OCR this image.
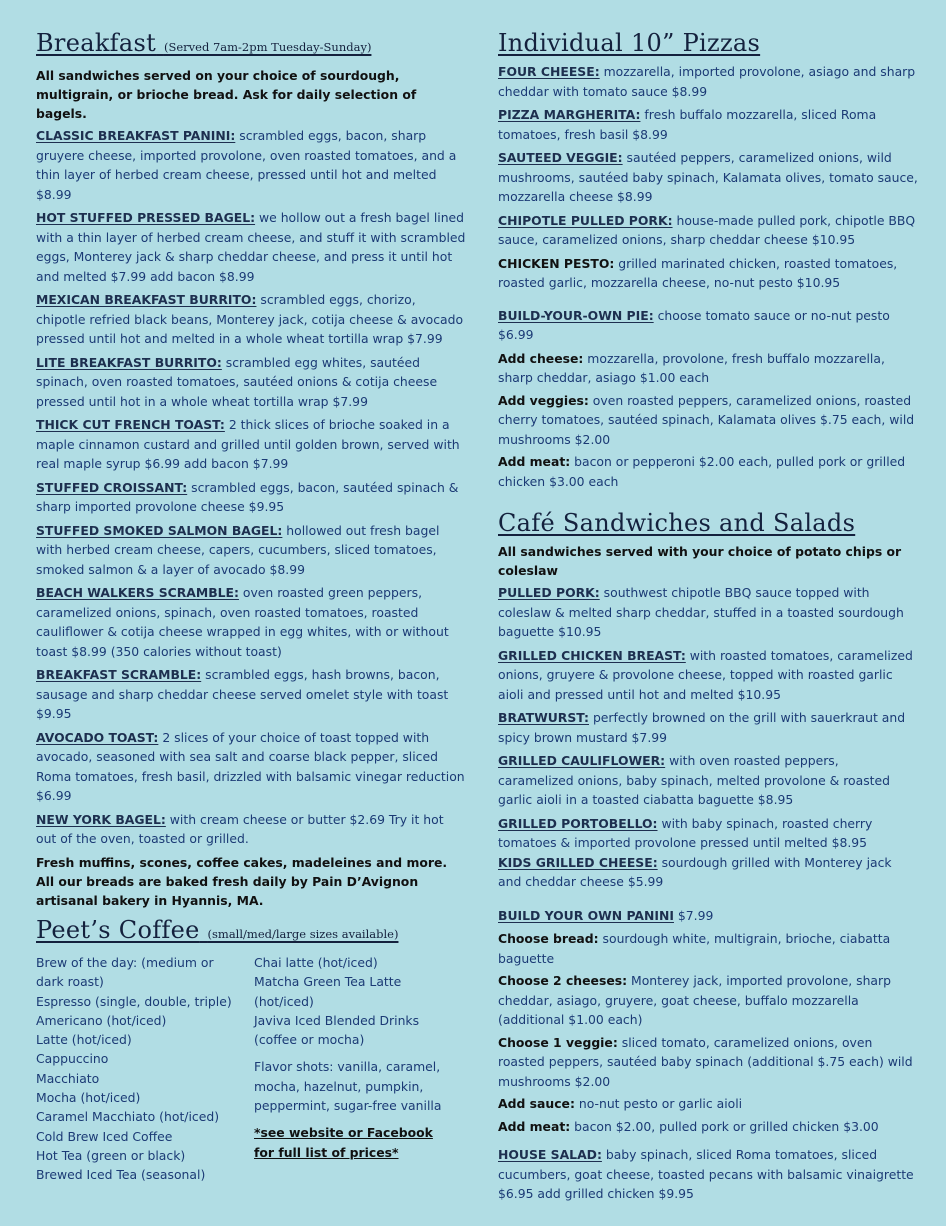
Breakfast (Served 7am-2pm Tuesday-Sunday)
All sandwiches served on your choice of sourdough, multigrain, or brioche bread. Ask for daily selection of bagels.
CLASSIC BREAKFAST PANINI: scrambled eggs, bacon, sharp gruyere cheese, imported provolone, oven roasted tomatoes, and a thin layer of herbed cream cheese, pressed until hot and melted $8.99
HOT STUFFED PRESSED BAGEL: we hollow out a fresh bagel lined with a thin layer of herbed cream cheese, and stuff it with scrambled eggs, Monterey jack & sharp cheddar cheese, and press it until hot and melted $7.99 add bacon $8.99
MEXICAN BREAKFAST BURRITO: scrambled eggs, chorizo, chipotle refried black beans, Monterey jack, cotija cheese & avocado pressed until hot and melted in a whole wheat tortilla wrap $7.99
LITE BREAKFAST BURRITO: scrambled egg whites, sautéed spinach, oven roasted tomatoes, sautéed onions & cotija cheese pressed until hot in a whole wheat tortilla wrap $7.99
THICK CUT FRENCH TOAST: 2 thick slices of brioche soaked in a maple cinnamon custard and grilled until golden brown, served with real maple syrup $6.99 add bacon $7.99
STUFFED CROISSANT: scrambled eggs, bacon, sautéed spinach & sharp imported provolone cheese $9.95
STUFFED SMOKED SALMON BAGEL: hollowed out fresh bagel with herbed cream cheese, capers, cucumbers, sliced tomatoes, smoked salmon & a layer of avocado $8.99
BEACH WALKERS SCRAMBLE: oven roasted green peppers, caramelized onions, spinach, oven roasted tomatoes, roasted cauliflower & cotija cheese wrapped in egg whites, with or without toast $8.99 (350 calories without toast)
BREAKFAST SCRAMBLE: scrambled eggs, hash browns, bacon, sausage and sharp cheddar cheese served omelet style with toast $9.95
AVOCADO TOAST: 2 slices of your choice of toast topped with avocado, seasoned with sea salt and coarse black pepper, sliced Roma tomatoes, fresh basil, drizzled with balsamic vinegar reduction $6.99
NEW YORK BAGEL: with cream cheese or butter $2.69 Try it hot out of the oven, toasted or grilled.
Fresh muffins, scones, coffee cakes, madeleines and more. All our breads are baked fresh daily by Pain D’Avignon artisanal bakery in Hyannis, MA.
Peet’s Coffee (small/med/large sizes available)
Brew of the day: (medium or
dark roast)
Espresso (single, double, triple)
Americano (hot/iced)
Latte (hot/iced)
Cappuccino
Macchiato
Mocha (hot/iced)
Caramel Macchiato (hot/iced)
Cold Brew Iced Coffee
Hot Tea (green or black)
Brewed Iced Tea (seasonal)
Chai latte (hot/iced)
Matcha Green Tea Latte (hot/iced)
Javiva Iced Blended Drinks (coffee or mocha)
Flavor shots: vanilla, caramel, mocha, hazelnut, pumpkin, peppermint, sugar-free vanilla
*see website or Facebook for full list of prices*
Individual 10” Pizzas
FOUR CHEESE: mozzarella, imported provolone, asiago and sharp cheddar with tomato sauce $8.99
PIZZA MARGHERITA: fresh buffalo mozzarella, sliced Roma tomatoes, fresh basil $8.99
SAUTEED VEGGIE: sautéed peppers, caramelized onions, wild mushrooms, sautéed baby spinach, Kalamata olives, tomato sauce, mozzarella cheese $8.99
CHIPOTLE PULLED PORK: house-made pulled pork, chipotle BBQ sauce, caramelized onions, sharp cheddar cheese $10.95
CHICKEN PESTO: grilled marinated chicken, roasted tomatoes, roasted garlic, mozzarella cheese, no-nut pesto $10.95
BUILD-YOUR-OWN PIE: choose tomato sauce or no-nut pesto $6.99
Add cheese: mozzarella, provolone, fresh buffalo mozzarella, sharp cheddar, asiago $1.00 each
Add veggies: oven roasted peppers, caramelized onions, roasted cherry tomatoes, sautéed spinach, Kalamata olives $.75 each, wild mushrooms $2.00
Add meat: bacon or pepperoni $2.00 each, pulled pork or grilled chicken $3.00 each
Café Sandwiches and Salads
All sandwiches served with your choice of potato chips or coleslaw
PULLED PORK: southwest chipotle BBQ sauce topped with coleslaw & melted sharp cheddar, stuffed in a toasted sourdough baguette $10.95
GRILLED CHICKEN BREAST: with roasted tomatoes, caramelized onions, gruyere & provolone cheese, topped with roasted garlic aioli and pressed until hot and melted $10.95
BRATWURST: perfectly browned on the grill with sauerkraut and spicy brown mustard $7.99
GRILLED CAULIFLOWER: with oven roasted peppers, caramelized onions, baby spinach, melted provolone & roasted garlic aioli in a toasted ciabatta baguette $8.95
GRILLED PORTOBELLO: with baby spinach, roasted cherry tomatoes & imported provolone pressed until melted $8.95
KIDS GRILLED CHEESE: sourdough grilled with Monterey jack and cheddar cheese $5.99
BUILD YOUR OWN PANINI $7.99
Choose bread: sourdough white, multigrain, brioche, ciabatta baguette
Choose 2 cheeses: Monterey jack, imported provolone, sharp cheddar, asiago, gruyere, goat cheese, buffalo mozzarella (additional $1.00 each)
Choose 1 veggie: sliced tomato, caramelized onions, oven roasted peppers, sautéed baby spinach (additional $.75 each) wild mushrooms $2.00
Add sauce: no-nut pesto or garlic aioli
Add meat: bacon $2.00, pulled pork or grilled chicken $3.00
HOUSE SALAD: baby spinach, sliced Roma tomatoes, sliced cucumbers, goat cheese, toasted pecans with balsamic vinaigrette $6.95 add grilled chicken $9.95
